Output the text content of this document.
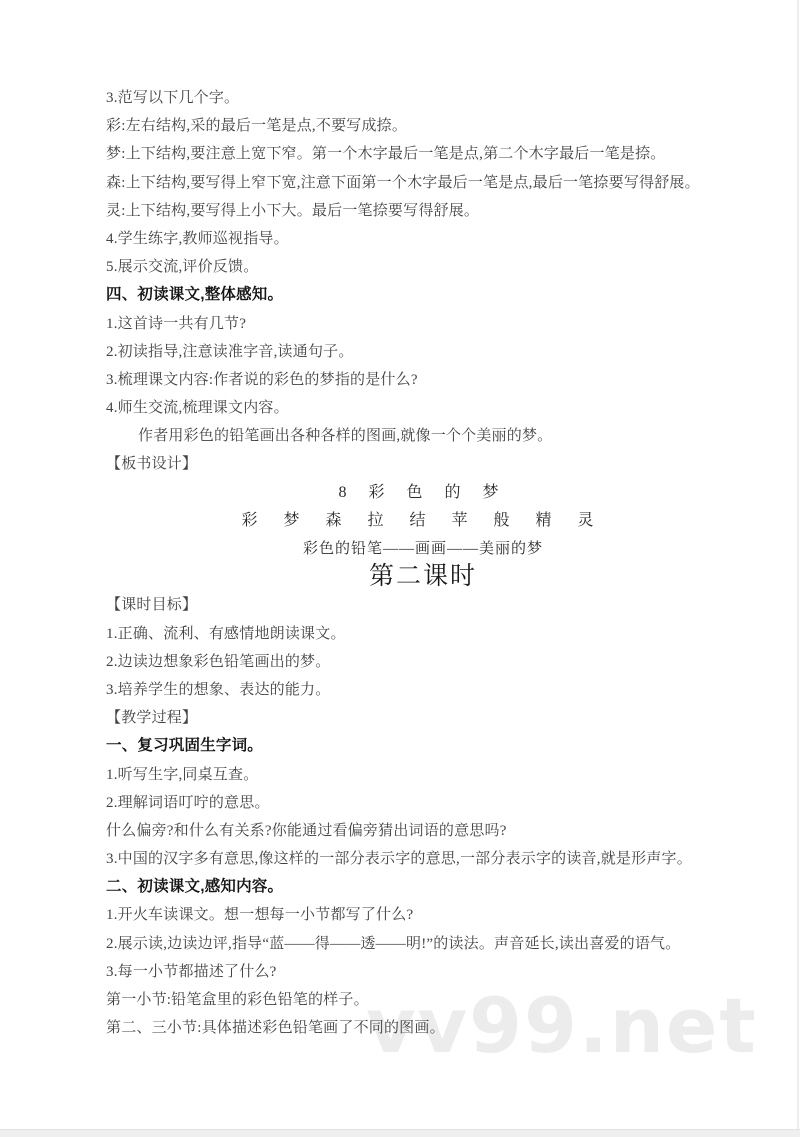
vv99.net

3.范写以下几个字。

彩:左右结构,采的最后一笔是点,不要写成捺。

梦:上下结构,要注意上宽下窄。第一个木字最后一笔是点,第二个木字最后一笔是捺。

森:上下结构,要写得上窄下宽,注意下面第一个木字最后一笔是点,最后一笔捺要写得舒展。

灵:上下结构,要写得上小下大。最后一笔捺要写得舒展。

4.学生练字,教师巡视指导。

5.展示交流,评价反馈。

四、初读课文,整体感知。

1.这首诗一共有几节?

2.初读指导,注意读准字音,读通句子。

3.梳理课文内容:作者说的彩色的梦指的是什么?

4.师生交流,梳理课文内容。

作者用彩色的铅笔画出各种各样的图画,就像一个个美丽的梦。

【板书设计】

8 彩 色 的 梦

彩 梦 森 拉 结 苹 般 精 灵

彩色的铅笔——画画——美丽的梦

第二课时

【课时目标】

1.正确、流利、有感情地朗读课文。

2.边读边想象彩色铅笔画出的梦。

3.培养学生的想象、表达的能力。

【教学过程】

一、复习巩固生字词。

1.听写生字,同桌互查。

2.理解词语叮咛的意思。

什么偏旁?和什么有关系?你能通过看偏旁猜出词语的意思吗?

3.中国的汉字多有意思,像这样的一部分表示字的意思,一部分表示字的读音,就是形声字。

二、初读课文,感知内容。

1.开火车读课文。想一想每一小节都写了什么?

2.展示读,边读边评,指导“蓝——得——透——明!”的读法。声音延长,读出喜爱的语气。

3.每一小节都描述了什么?

第一小节:铅笔盒里的彩色铅笔的样子。

第二、三小节:具体描述彩色铅笔画了不同的图画。
